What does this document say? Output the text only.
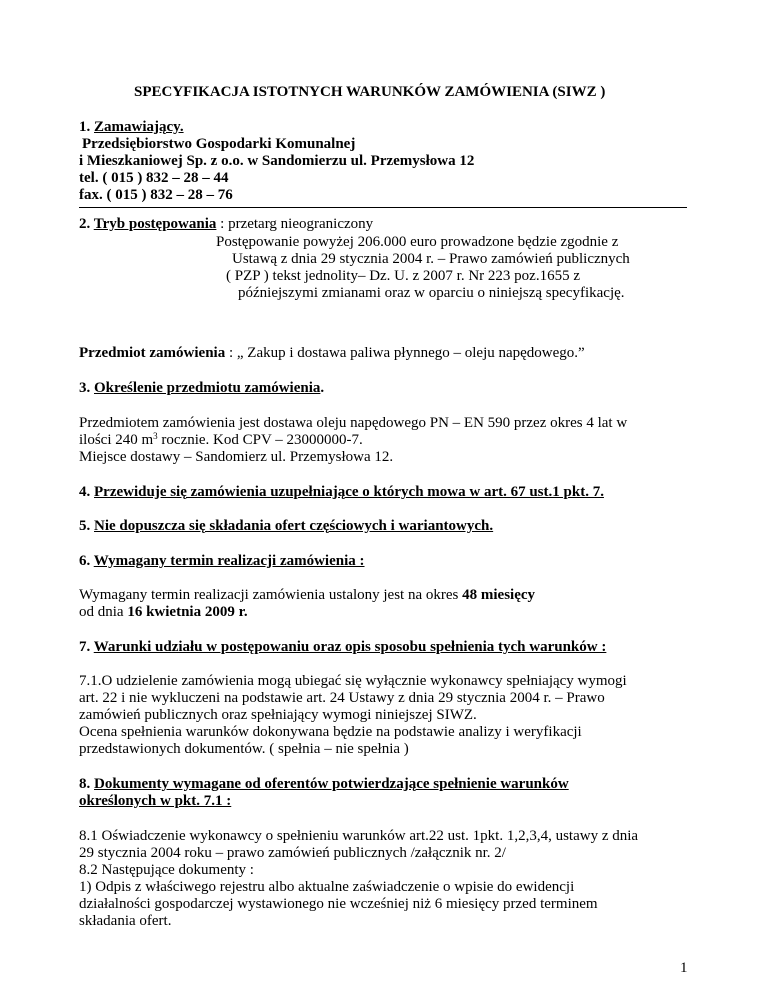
SPECYFIKACJA ISTOTNYCH WARUNKÓW ZAMÓWIENIA (SIWZ )
1. Zamawiający.
Przedsiębiorstwo Gospodarki Komunalnej
i Mieszkaniowej Sp. z o.o. w Sandomierzu ul. Przemysłowa 12
tel. ( 015 ) 832 – 28 – 44
fax. ( 015 ) 832 – 28 – 76
2. Tryb postępowania : przetarg nieograniczony
Postępowanie powyżej 206.000 euro prowadzone będzie zgodnie z
Ustawą z dnia 29 stycznia 2004 r. – Prawo zamówień publicznych
( PZP ) tekst jednolity– Dz. U. z 2007 r. Nr 223 poz.1655 z
późniejszymi zmianami oraz w oparciu o niniejszą specyfikację.
Przedmiot zamówienia : „ Zakup i dostawa paliwa płynnego – oleju napędowego.”
3. Określenie przedmiotu zamówienia.
Przedmiotem zamówienia jest dostawa oleju napędowego PN – EN 590 przez okres 4 lat w
ilości 240 $m^3$ rocznie. Kod CPV – 23000000-7.
Miejsce dostawy – Sandomierz ul. Przemysłowa 12.
4. Przewiduje się zamówienia uzupełniające o których mowa w art. 67 ust.1 pkt. 7.
5. Nie dopuszcza się składania ofert częściowych i wariantowych.
6. Wymagany termin realizacji zamówienia :
Wymagany termin realizacji zamówienia ustalony jest na okres 48 miesięcy
od dnia 16 kwietnia 2009 r.
7. Warunki udziału w postępowaniu oraz opis sposobu spełnienia tych warunków :
7.1.O udzielenie zamówienia mogą ubiegać się wyłącznie wykonawcy spełniający wymogi
art. 22 i nie wykluczeni na podstawie art. 24 Ustawy z dnia 29 stycznia 2004 r. – Prawo
zamówień publicznych oraz spełniający wymogi niniejszej SIWZ.
Ocena spełnienia warunków dokonywana będzie na podstawie analizy i weryfikacji
przedstawionych dokumentów. ( spełnia – nie spełnia )
8. Dokumenty wymagane od oferentów potwierdzające spełnienie warunków
określonych w pkt. 7.1 :
8.1 Oświadczenie wykonawcy o spełnieniu warunków art.22 ust. 1pkt. 1,2,3,4, ustawy z dnia
29 stycznia 2004 roku – prawo zamówień publicznych /załącznik nr. 2/
8.2 Następujące dokumenty :
1) Odpis z właściwego rejestru albo aktualne zaświadczenie o wpisie do ewidencji
działalności gospodarczej wystawionego nie wcześniej niż 6 miesięcy przed terminem
składania ofert.
1
